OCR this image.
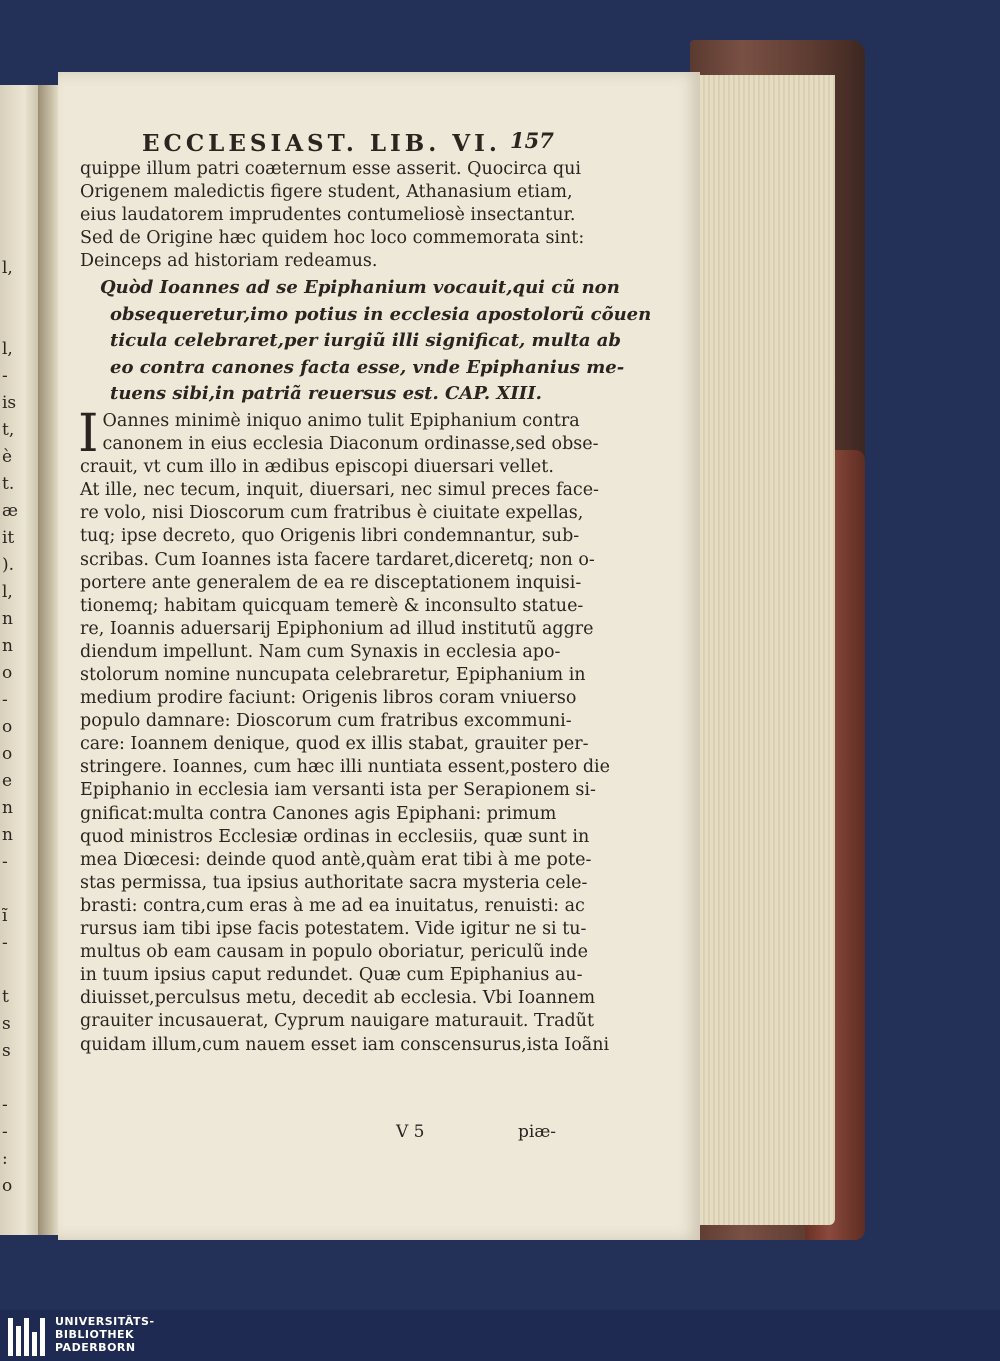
l,
l,
-
is
t,
è
t.
æ
it
).
l,
n
n
o
-
o
o
e
n
n
-
ĩ
-
t
s
s
-
-
:
o
ECCLESIAST. LIB. VI. 157
quippe illum patri coæternum esse asserit. Quocirca qui
Origenem maledictis figere student, Athanasium etiam,
eius laudatorem imprudentes contumeliosè insectantur.
Sed de Origine hæc quidem hoc loco commemorata sint:
Deinceps ad historiam redeamus.
Quòd Ioannes ad se Epiphanium vocauit,qui cũ non
obsequeretur,imo potius in ecclesia apostolorũ cõuen
ticula celebraret,per iurgiũ illi significat, multa ab
eo contra canones facta esse, vnde Epiphanius me-
tuens sibi,in patriã reuersus est. CAP. XIII.
I Oannes minimè iniquo animo tulit Epiphanium contra
canonem in eius ecclesia Diaconum ordinasse,sed obse-
crauit, vt cum illo in ædibus episcopi diuersari vellet.
At ille, nec tecum, inquit, diuersari, nec simul preces face-
re volo, nisi Dioscorum cum fratribus è ciuitate expellas,
tuq; ipse decreto, quo Origenis libri condemnantur, sub-
scribas. Cum Ioannes ista facere tardaret,diceretq; non o-
portere ante generalem de ea re disceptationem inquisi-
tionemq; habitam quicquam temerè & inconsulto statue-
re, Ioannis aduersarij Epiphonium ad illud institutũ aggre
diendum impellunt. Nam cum Synaxis in ecclesia apo-
stolorum nomine nuncupata celebraretur, Epiphanium in
medium prodire faciunt: Origenis libros coram vniuerso
populo damnare: Dioscorum cum fratribus excommuni-
care: Ioannem denique, quod ex illis stabat, grauiter per-
stringere. Ioannes, cum hæc illi nuntiata essent,postero die
Epiphanio in ecclesia iam versanti ista per Serapionem si-
gnificat:multa contra Canones agis Epiphani: primum
quod ministros Ecclesiæ ordinas in ecclesiis, quæ sunt in
mea Diœcesi: deinde quod antè,quàm erat tibi à me pote-
stas permissa, tua ipsius authoritate sacra mysteria cele-
brasti: contra,cum eras à me ad ea inuitatus, renuisti: ac
rursus iam tibi ipse facis potestatem. Vide igitur ne si tu-
multus ob eam causam in populo oboriatur, periculũ inde
in tuum ipsius caput redundet. Quæ cum Epiphanius au-
diuisset,perculsus metu, decedit ab ecclesia. Vbi Ioannem
grauiter incusauerat, Cyprum nauigare maturauit. Tradũt
quidam illum,cum nauem esset iam conscensurus,ista Ioãni
V 5	piæ-
UNIVERSITÄTS-
BIBLIOTHEK
PADERBORN
